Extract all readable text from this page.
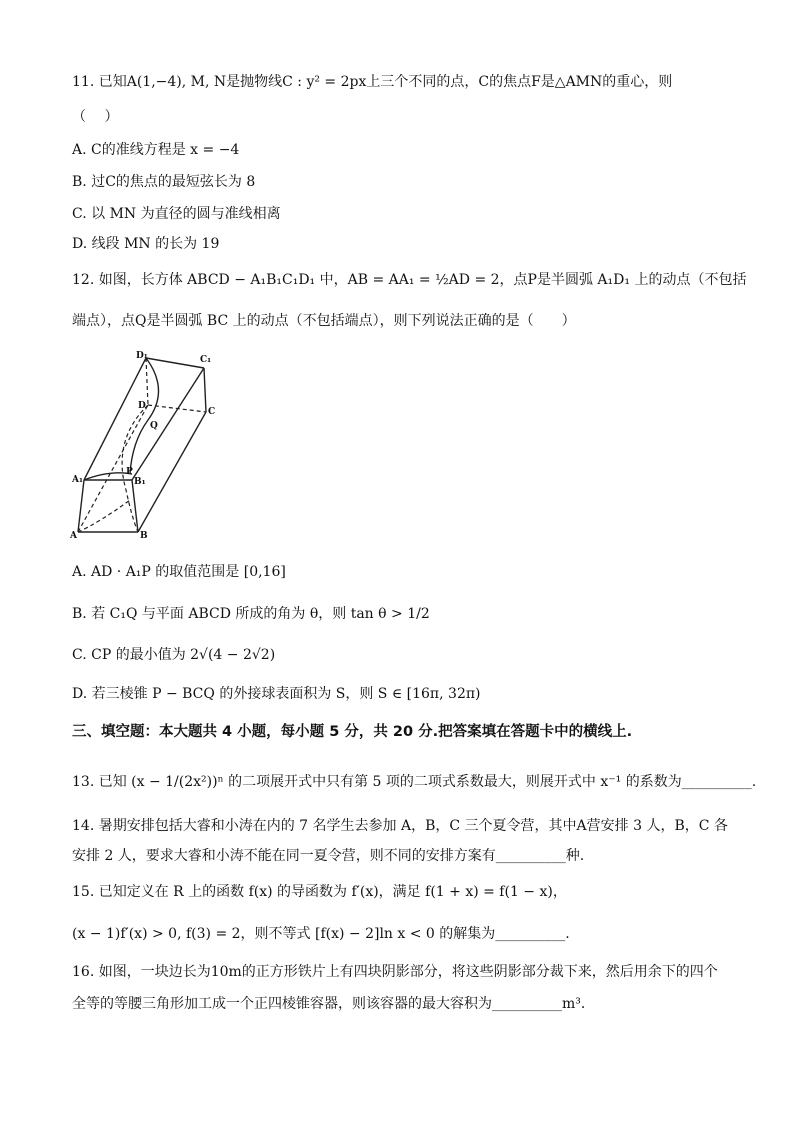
11. 已知A(1,−4), M, N是抛物线C : y² = 2px上三个不同的点，C的焦点F是△AMN的重心，则
（　 ）
A. C的准线方程是 x = −4
B. 过C的焦点的最短弦长为 8
C. 以 MN 为直径的圆与准线相离
D. 线段 MN 的长为 19
12. 如图，长方体 ABCD − A₁B₁C₁D₁ 中，AB = AA₁ = ½AD = 2，点P是半圆弧 A₁D₁ 上的动点（不包括
端点），点Q是半圆弧 BC 上的动点（不包括端点），则下列说法正确的是（　　）
D₁	C₁
D
C
Q
A₁	B₁
P
A	B
A. AD · A₁P 的取值范围是 [0,16]
B. 若 C₁Q 与平面 ABCD 所成的角为 θ，则 tan θ > 1/2
C. CP 的最小值为 2√(4 − 2√2)
D. 若三棱锥 P − BCQ 的外接球表面积为 S，则 S ∈ [16π, 32π)
三、填空题：本大题共 4 小题，每小题 5 分，共 20 分.把答案填在答题卡中的横线上.
13. 已知 (x − 1/(2x²))ⁿ 的二项展开式中只有第 5 项的二项式系数最大，则展开式中 x⁻¹ 的系数为__________.
14. 暑期安排包括大睿和小涛在内的 7 名学生去参加 A，B，C 三个夏令营，其中A营安排 3 人，B，C 各
安排 2 人，要求大睿和小涛不能在同一夏令营，则不同的安排方案有__________种.
15. 已知定义在 R 上的函数 f(x) 的导函数为 f′(x)，满足 f(1 + x) = f(1 − x)，
(x − 1)f′(x) > 0, f(3) = 2，则不等式 [f(x) − 2]ln x < 0 的解集为__________.
16. 如图，一块边长为10m的正方形铁片上有四块阴影部分，将这些阴影部分裁下来，然后用余下的四个
全等的等腰三角形加工成一个正四棱锥容器，则该容器的最大容积为__________m³.
